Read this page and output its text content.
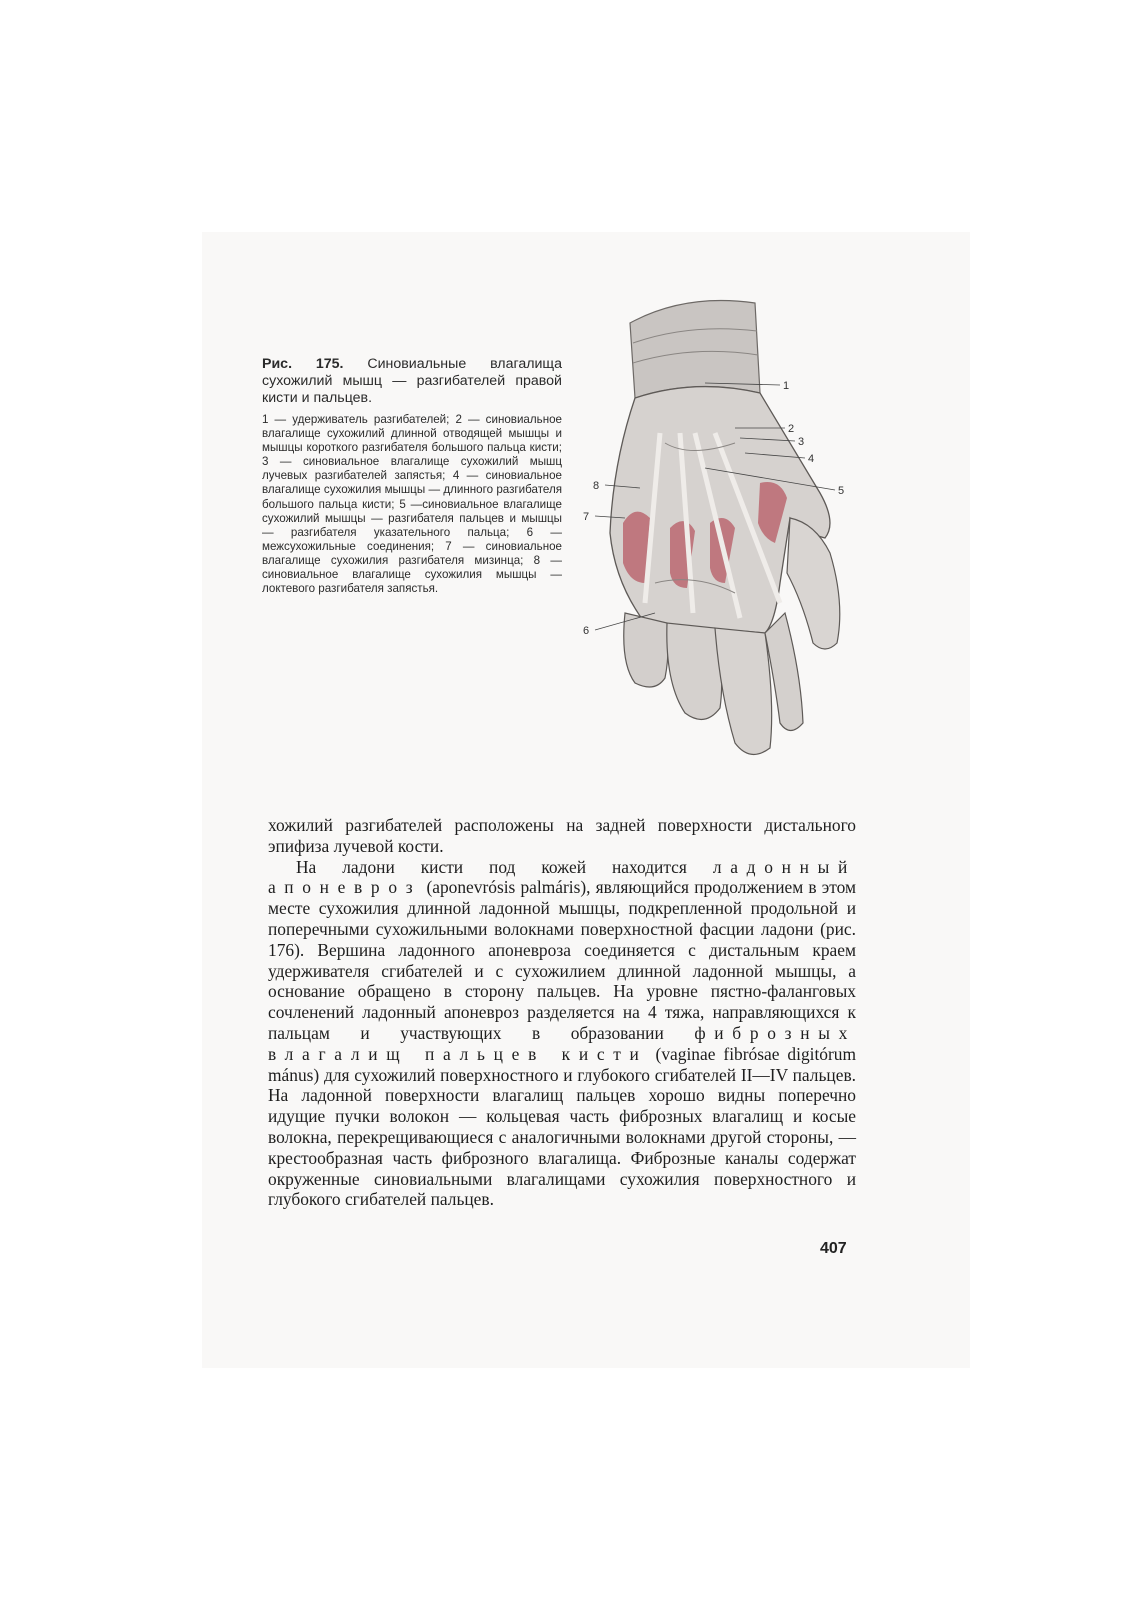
Рис. 175. Синовиальные влагалища сухожилий мышц — разгибателей правой кисти и пальцев.

1 — удерживатель разгибателей; 2 — синовиальное влагалище сухожилий длинной отводящей мышцы и мышцы короткого разгибателя большого пальца кисти; 3 — синовиальное влагалище сухожилий мышц лучевых разгибателей запястья; 4 — синовиальное влагалище сухожилия мышцы — длинного разгибателя большого пальца кисти; 5 —синовиальное влагалище сухожилий мышцы — разгибателя пальцев и мышцы — разгибателя указательного пальца; 6 — межсухожильные соединения; 7 — синовиальное влагалище сухожилия разгибателя мизинца; 8 — синовиальное влагалище сухожилия мышцы — локтевого разгибателя запястья.

1
2
3
4
5
6
7
8

хожилий разгибателей расположены на задней поверхности дистального эпифиза лучевой кости.

На ладони кисти под кожей находится ладонный апоневроз (aponevrósis palmáris), являющийся продолжением в этом месте сухожилия длинной ладонной мышцы, подкрепленной продольной и поперечными сухожильными волокнами поверхностной фасции ладони (рис. 176). Вершина ладонного апоневроза соединяется с дистальным краем удерживателя сгибателей и с сухожилием длинной ладонной мышцы, а основание обращено в сторону пальцев. На уровне пястно-фаланговых сочленений ладонный апоневроз разделяется на 4 тяжа, направляющихся к пальцам и участвующих в образовании фиброзных влагалищ пальцев кисти (vaginae fibrósae digitórum mánus) для сухожилий поверхностного и глубокого сгибателей II—IV пальцев. На ладонной поверхности влагалищ пальцев хорошо видны поперечно идущие пучки волокон — кольцевая часть фиброзных влагалищ и косые волокна, перекрещивающиеся с аналогичными волокнами другой стороны, — крестообразная часть фиброзного влагалища. Фиброзные каналы содержат окруженные синовиальными влагалищами сухожилия поверхностного и глубокого сгибателей пальцев.

407
